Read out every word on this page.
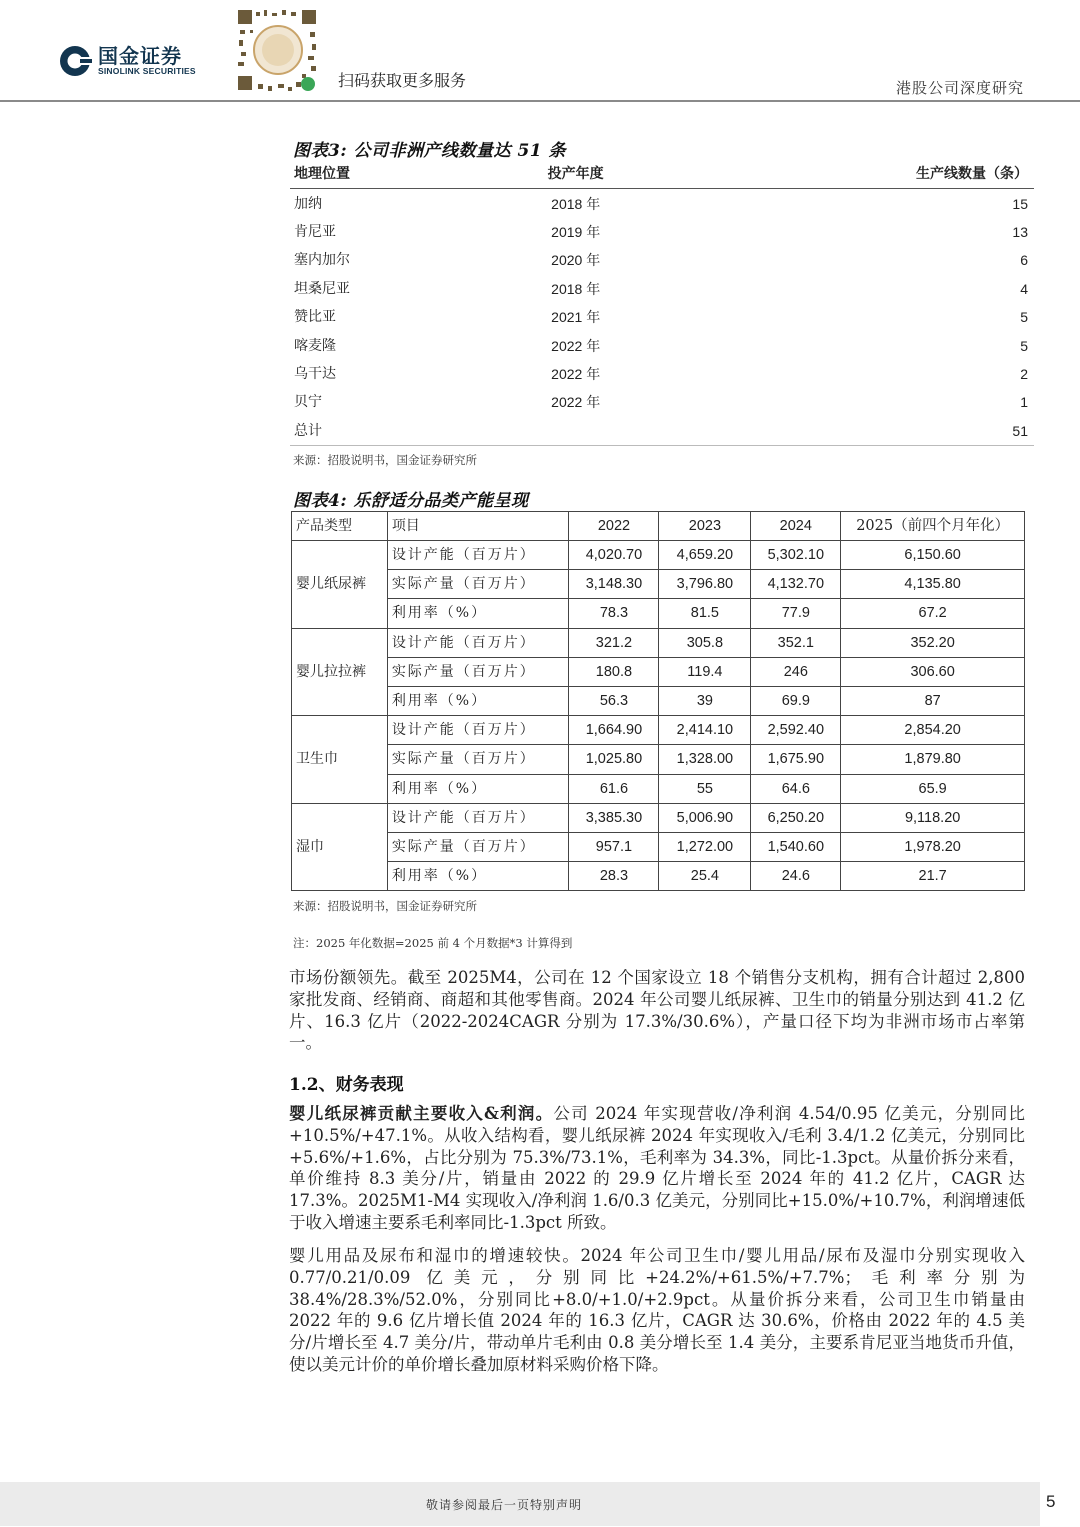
国金证券
SINOLINK SECURITIES	扫码获取更多服务	港股公司深度研究
图表3: 公司非洲产线数量达 51 条
地理位置	投产年度	生产线数量（条）
加纳	2018 年	15
肯尼亚	2019 年	13
塞内加尔	2020 年	6
坦桑尼亚	2018 年	4
赞比亚	2021 年	5
喀麦隆	2022 年	5
乌干达	2022 年	2
贝宁	2022 年	1
总计		51
来源：招股说明书，国金证券研究所
图表4: 乐舒适分品类产能呈现
产品类型	项目	2022	2023	2024	2025（前四个月年化）
婴儿纸尿裤	设计产能（百万片）	4,020.70	4,659.20	5,302.10	6,150.60
	实际产量（百万片）	3,148.30	3,796.80	4,132.70	4,135.80
	利用率（%）	78.3	81.5	77.9	67.2
婴儿拉拉裤	设计产能（百万片）	321.2	305.8	352.1	352.20
	实际产量（百万片）	180.8	119.4	246	306.60
	利用率（%）	56.3	39	69.9	87
卫生巾	设计产能（百万片）	1,664.90	2,414.10	2,592.40	2,854.20
	实际产量（百万片）	1,025.80	1,328.00	1,675.90	1,879.80
	利用率（%）	61.6	55	64.6	65.9
湿巾	设计产能（百万片）	3,385.30	5,006.90	6,250.20	9,118.20
	实际产量（百万片）	957.1	1,272.00	1,540.60	1,978.20
	利用率（%）	28.3	25.4	24.6	21.7
来源：招股说明书，国金证券研究所
注：2025 年化数据=2025 前 4 个月数据*3 计算得到
市场份额领先。截至 2025M4，公司在 12 个国家设立 18 个销售分支机构，拥有合计超过 2,800 家批发商、经销商、商超和其他零售商。2024 年公司婴儿纸尿裤、卫生巾的销量分别达到 41.2 亿片、16.3 亿片（2022-2024CAGR 分别为 17.3%/30.6%），产量口径下均为非洲市场市占率第一。
1.2、财务表现
婴儿纸尿裤贡献主要收入&利润。公司 2024 年实现营收/净利润 4.54/0.95 亿美元，分别同比+10.5%/+47.1%。从收入结构看，婴儿纸尿裤 2024 年实现收入/毛利 3.4/1.2 亿美元，分别同比+5.6%/+1.6%，占比分别为 75.3%/73.1%，毛利率为 34.3%，同比-1.3pct。从量价拆分来看，单价维持 8.3 美分/片，销量由 2022 的 29.9 亿片增长至 2024 年的 41.2 亿片，CAGR 达 17.3%。2025M1-M4 实现收入/净利润 1.6/0.3 亿美元，分别同比+15.0%/+10.7%，利润增速低于收入增速主要系毛利率同比-1.3pct 所致。
婴儿用品及尿布和湿巾的增速较快。2024 年公司卫生巾/婴儿用品/尿布及湿巾分别实现收入 0.77/0.21/0.09 亿美元，分别同比+24.2%/+61.5%/+7.7%；毛利率分别为 38.4%/28.3%/52.0%，分别同比+8.0/+1.0/+2.9pct。从量价拆分来看，公司卫生巾销量由 2022 年的 9.6 亿片增长值 2024 年的 16.3 亿片，CAGR 达 30.6%，价格由 2022 年的 4.5 美分/片增长至 4.7 美分/片，带动单片毛利由 0.8 美分增长至 1.4 美分，主要系肯尼亚当地货币升值，使以美元计价的单价增长叠加原材料采购价格下降。
敬请参阅最后一页特别声明	5
